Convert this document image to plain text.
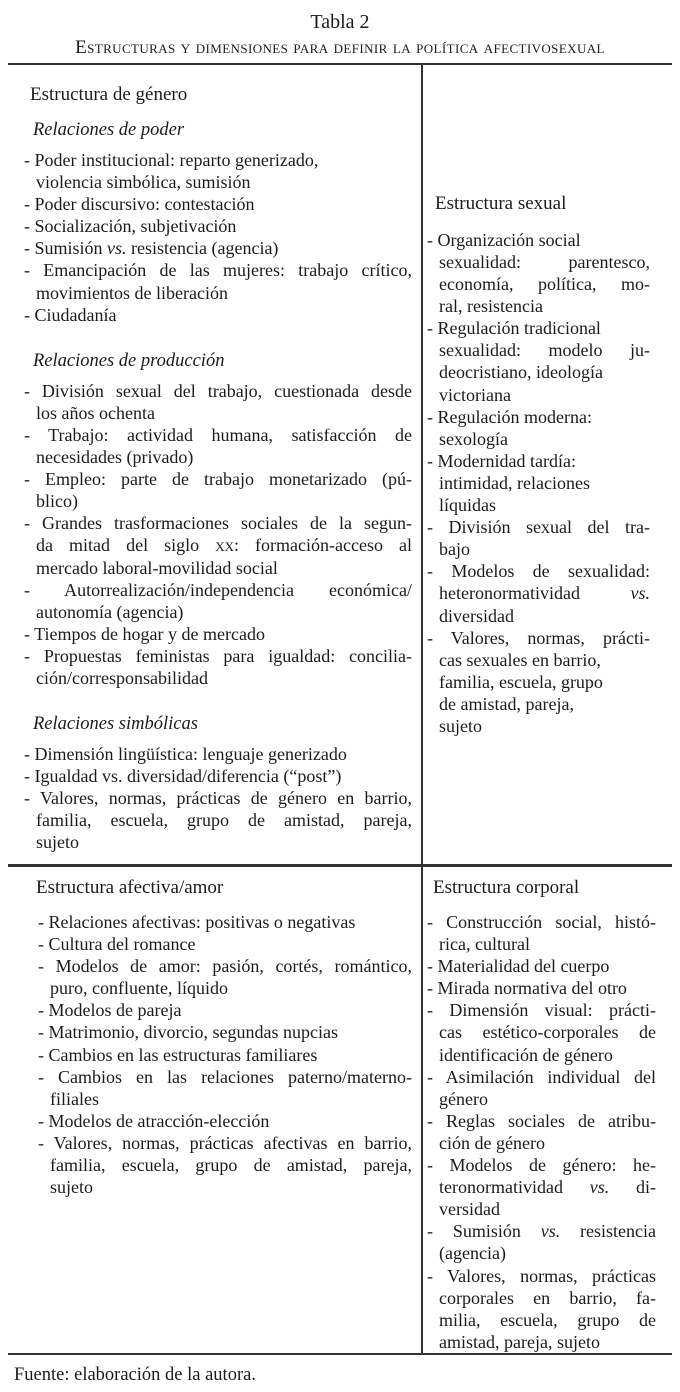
Tabla 2
Estructuras y dimensiones para definir la política afectivosexual
Estructura de género
Relaciones de poder
- Poder institucional: reparto generizado,
violencia simbólica, sumisión
- Poder discursivo: contestación
- Socialización, subjetivación
- Sumisión vs. resistencia (agencia)
- Emancipación de las mujeres: trabajo crítico,
movimientos de liberación
- Ciudadanía
Relaciones de producción
- División sexual del trabajo, cuestionada desde
los años ochenta
- Trabajo: actividad humana, satisfacción de
necesidades (privado)
- Empleo: parte de trabajo monetarizado (pú-
blico)
- Grandes trasformaciones sociales de la segun-
da mitad del siglo xx: formación-acceso al
mercado laboral-movilidad social
- Autorrealización/independencia económica/
autonomía (agencia)
- Tiempos de hogar y de mercado
- Propuestas feministas para igualdad: concilia-
ción/corresponsabilidad
Relaciones simbólicas
- Dimensión lingüística: lenguaje generizado
- Igualdad vs. diversidad/diferencia (“post”)
- Valores, normas, prácticas de género en barrio,
familia, escuela, grupo de amistad, pareja,
sujeto
Estructura sexual
- Organización social
sexualidad: parentesco,
economía, política, mo-
ral, resistencia
- Regulación tradicional
sexualidad: modelo ju-
deocristiano, ideología
victoriana
- Regulación moderna:
sexología
- Modernidad tardía:
intimidad, relaciones
líquidas
- División sexual del tra-
bajo
- Modelos de sexualidad:
heteronormatividad vs.
diversidad
- Valores, normas, prácti-
cas sexuales en barrio,
familia, escuela, grupo
de amistad, pareja,
sujeto
Estructura afectiva/amor
- Relaciones afectivas: positivas o negativas
- Cultura del romance
- Modelos de amor: pasión, cortés, romántico,
puro, confluente, líquido
- Modelos de pareja
- Matrimonio, divorcio, segundas nupcias
- Cambios en las estructuras familiares
- Cambios en las relaciones paterno/materno-
filiales
- Modelos de atracción-elección
- Valores, normas, prácticas afectivas en barrio,
familia, escuela, grupo de amistad, pareja,
sujeto
Estructura corporal
- Construcción social, histó-
rica, cultural
- Materialidad del cuerpo
- Mirada normativa del otro
- Dimensión visual: prácti-
cas estético-corporales de
identificación de género
- Asimilación individual del
género
- Reglas sociales de atribu-
ción de género
- Modelos de género: he-
teronormatividad vs. di-
versidad
- Sumisión vs. resistencia
(agencia)
- Valores, normas, prácticas
corporales en barrio, fa-
milia, escuela, grupo de
amistad, pareja, sujeto
Fuente: elaboración de la autora.
